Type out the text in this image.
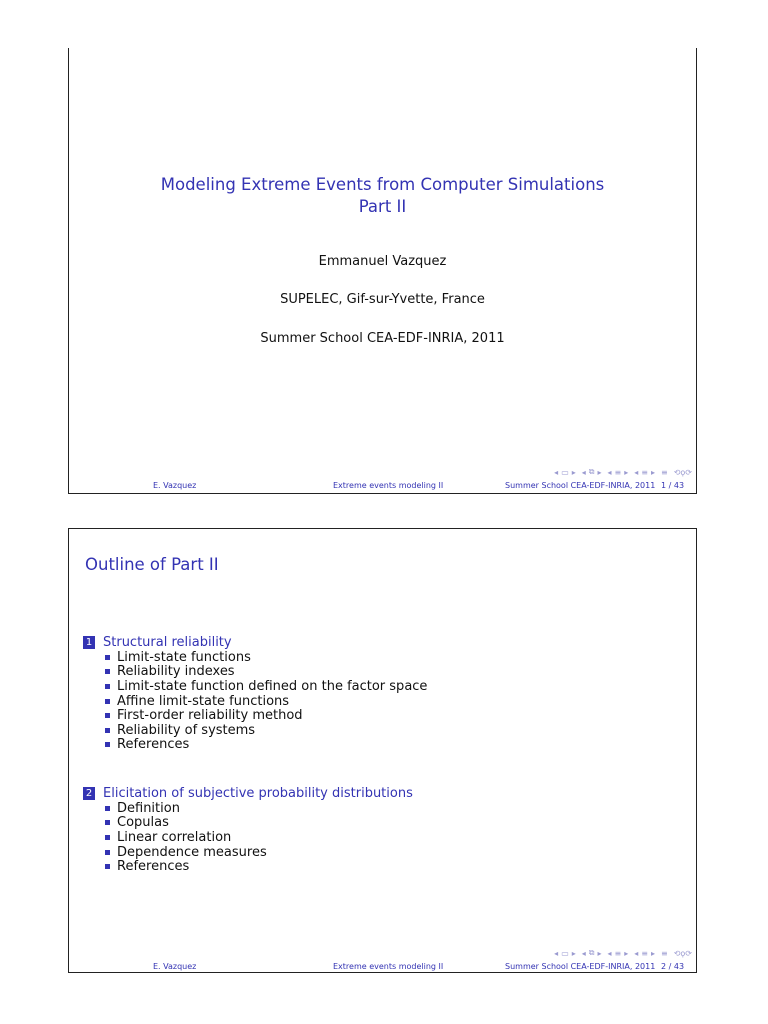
Modeling Extreme Events from Computer Simulations
Part II
Emmanuel Vazquez
SUPELEC, Gif-sur-Yvette, France
Summer School CEA-EDF-INRIA, 2011
◂ ▭ ▸ ◂ ⧉ ▸ ◂ ≡ ▸ ◂ ≡ ▸ ≡ ⟲ϙ⟳
E. Vazquez	Extreme events modeling II	Summer School CEA-EDF-INRIA, 2011 1 / 43
Outline of Part II
1 Structural reliability
Limit-state functions
Reliability indexes
Limit-state function defined on the factor space
Affine limit-state functions
First-order reliability method
Reliability of systems
References
2 Elicitation of subjective probability distributions
Definition
Copulas
Linear correlation
Dependence measures
References
◂ ▭ ▸ ◂ ⧉ ▸ ◂ ≡ ▸ ◂ ≡ ▸ ≡ ⟲ϙ⟳
E. Vazquez	Extreme events modeling II	Summer School CEA-EDF-INRIA, 2011 2 / 43
